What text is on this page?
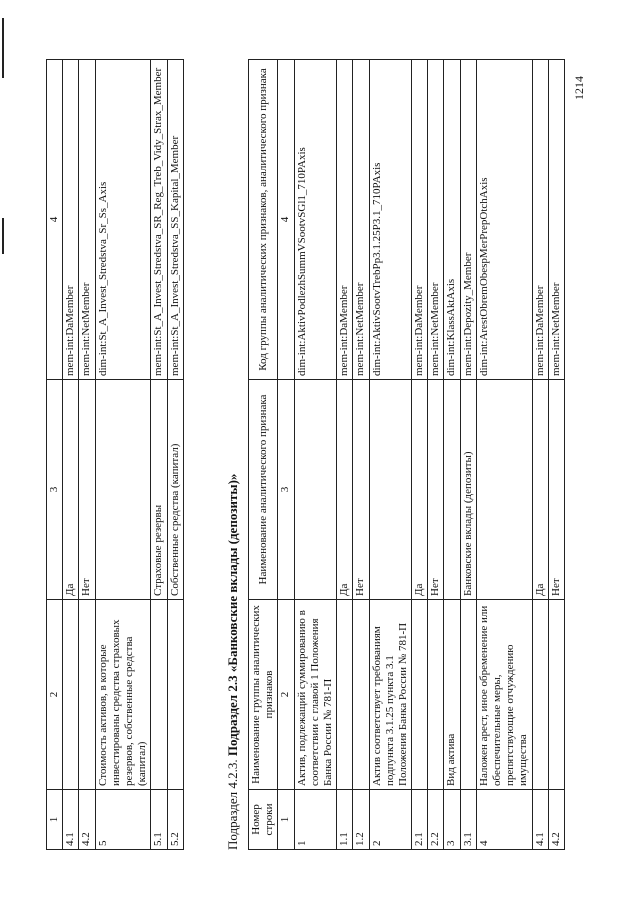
1	2	3	4
4.1		Да	mem-int:DaMember
4.2		Нет	mem-int:NetMember
5	Стоимость активов, в которые инвестированы средства страховых резервов, собственные средства (капитал)		dim-int:St_A_Invest_Stredstva_Sr_Ss_Axis
5.1		Страховые резервы	mem-int:St_A_Invest_Stredstva_SR_Reg_Treb_Vidy_Strax_Member
5.2		Собственные средства (капитал)	mem-int:St_A_Invest_Stredstva_SS_Kapital_Member
Подраздел 4.2.3. Подраздел 2.3 «Банковские вклады (депозиты)»
Номер строки	Наименование группы аналитических признаков	Наименование аналитического признака	Код группы аналитических признаков, аналитического признака
1	2	3	4
1	Актив, подлежащий суммированию в соответствии с главой 1 Положения Банка России № 781-П		dim-int:AktivPodlezhSummVSootvSGl1_710PAxis
1.1		Да	mem-int:DaMember
1.2		Нет	mem-int:NetMember
2	Актив соответствует требованиям подпункта 3.1.25 пункта 3.1 Положения Банка России № 781-П		dim-int:AktivSootvTrebPp3.1.25P3.1_710PAxis
2.1		Да	mem-int:DaMember
2.2		Нет	mem-int:NetMember
3	Вид актива		dim-int:KlassAktAxis
3.1		Банковские вклады (депозиты)	mem-int:Depozity_Member
4	Наложен арест, иное обременение или обеспечительные меры, препятствующие отчуждению имущества		dim-int:ArestObremObespMerPrepOtchAxis
4.1		Да	mem-int:DaMember
4.2		Нет	mem-int:NetMember
1214
